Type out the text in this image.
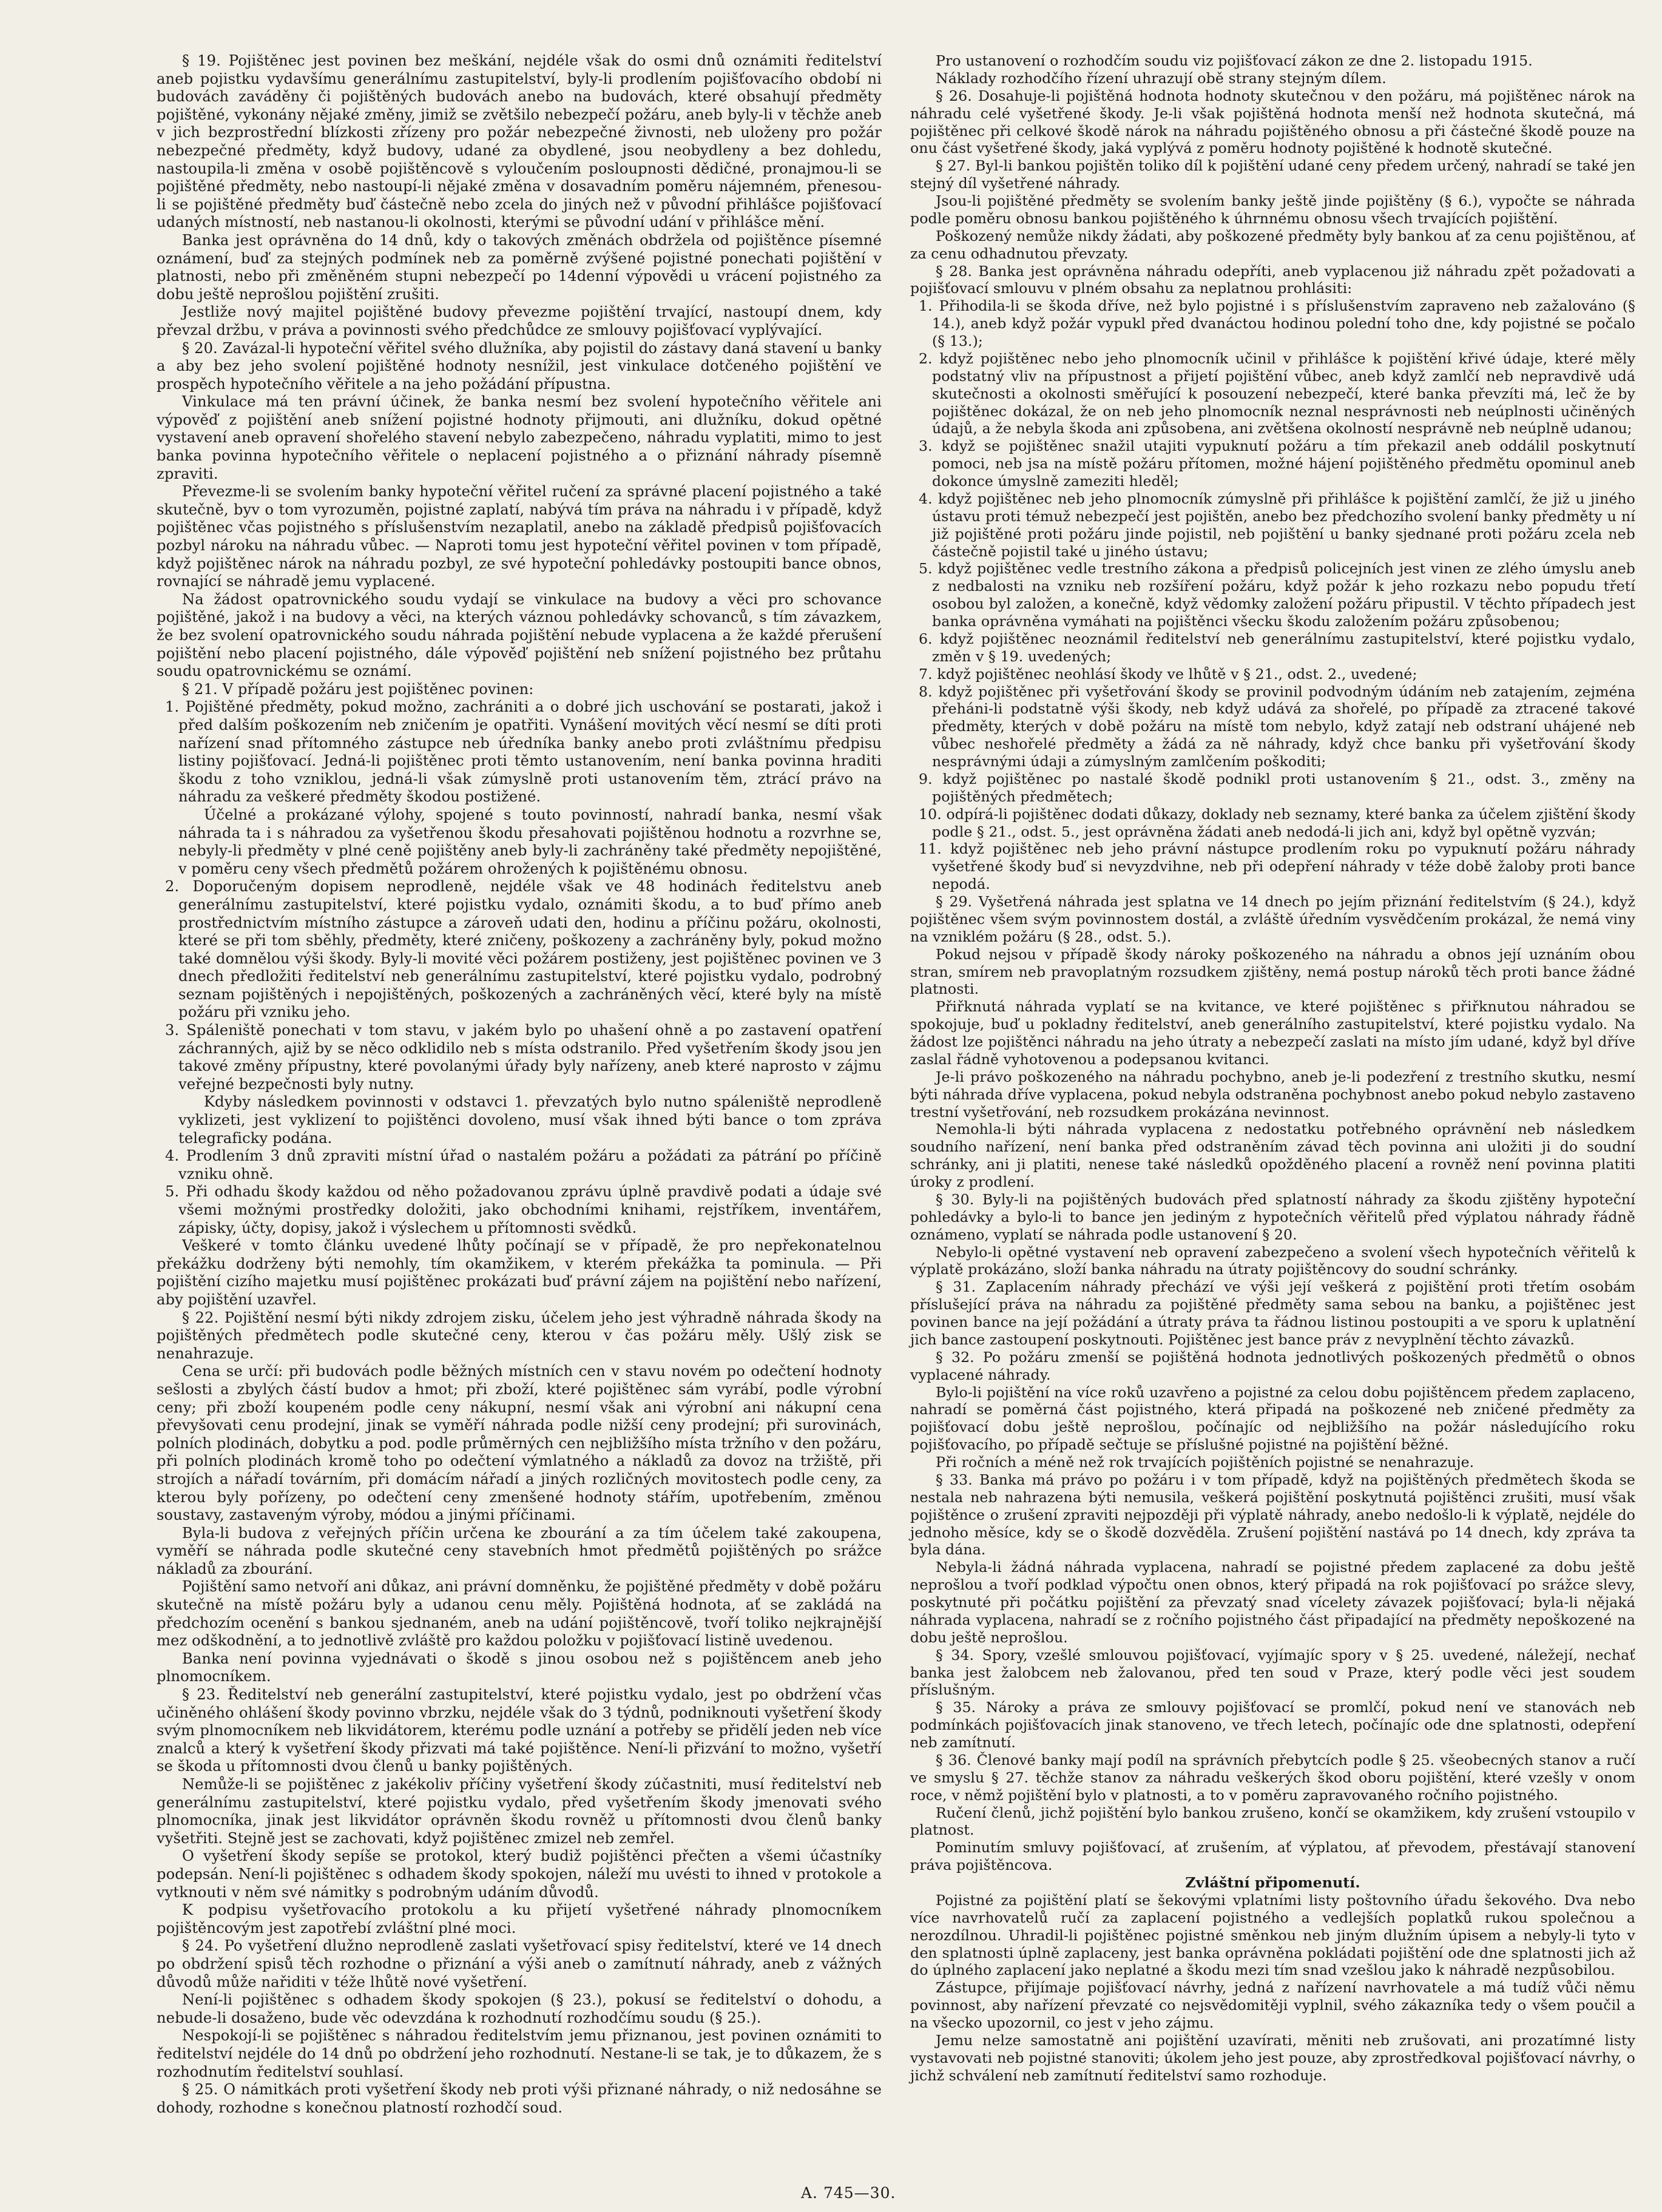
§ 19. Pojištěnec jest povinen bez meškání, nejdéle však do osmi dnů oznámiti ředitelství aneb pojistku vydavšímu generálnímu zastupitelství, byly-li prodlením pojišťovacího období ni budovách zaváděny či pojištěných budovách anebo na budovách, které obsahují předměty pojištěné, vykonány nějaké změny, jimiž se zvětšilo nebezpečí požáru, aneb byly-li v těchže aneb v jich bezprostřední blízkosti zřízeny pro požár nebezpečné živnosti, neb uloženy pro požár nebezpečné předměty, když budovy, udané za obydlené, jsou neobydleny a bez dohledu, nastoupila-li změna v osobě pojištěncově s vyloučením posloupnosti dědičné, pronajmou-li se pojištěné předměty, nebo nastoupí-li nějaké změna v dosavadním poměru nájemném, přenesou-li se pojištěné předměty buď částečně nebo zcela do jiných než v původní přihlášce pojišťovací udaných místností, neb nastanou-li okolnosti, kterými se původní udání v přihlášce mění.

Banka jest oprávněna do 14 dnů, kdy o takových změnách obdržela od pojištěnce písemné oznámení, buď za stejných podmínek neb za poměrně zvýšené pojistné ponechati pojištění v platnosti, nebo při změněném stupni nebezpečí po 14denní výpovědi u vrácení pojistného za dobu ještě neprošlou pojištění zrušiti.

Jestliže nový majitel pojištěné budovy převezme pojištění trvající, nastoupí dnem, kdy převzal držbu, v práva a povinnosti svého předchůdce ze smlouvy pojišťovací vyplývající.

§ 20. Zavázal-li hypoteční věřitel svého dlužníka, aby pojistil do zástavy daná stavení u banky a aby bez jeho svolení pojištěné hodnoty nesnížil, jest vinkulace dotčeného pojištění ve prospěch hypotečního věřitele a na jeho požádání přípustna.

Vinkulace má ten právní účinek, že banka nesmí bez svolení hypotečního věřitele ani výpověď z pojištění aneb snížení pojistné hodnoty přijmouti, ani dlužníku, dokud opětné vystavení aneb opravení shořelého stavení nebylo zabezpečeno, náhradu vyplatiti, mimo to jest banka povinna hypotečního věřitele o neplacení pojistného a o přiznání náhrady písemně zpraviti.

Převezme-li se svolením banky hypoteční věřitel ručení za správné placení pojistného a také skutečně, byv o tom vyrozuměn, pojistné zaplatí, nabývá tím práva na náhradu i v případě, když pojištěnec včas pojistného s příslušenstvím nezaplatil, anebo na základě předpisů pojišťovacích pozbyl nároku na náhradu vůbec. — Naproti tomu jest hypoteční věřitel povinen v tom případě, když pojištěnec nárok na náhradu pozbyl, ze své hypoteční pohledávky postoupiti bance obnos, rovnající se náhradě jemu vyplacené.

Na žádost opatrovnického soudu vydají se vinkulace na budovy a věci pro schovance pojištěné, jakož i na budovy a věci, na kterých váznou pohledávky schovanců, s tím závazkem, že bez svolení opatrovnického soudu náhrada pojištění nebude vyplacena a že každé přerušení pojištění nebo placení pojistného, dále výpověď pojištění neb snížení pojistného bez průtahu soudu opatrovnickému se oznámí.

§ 21. V případě požáru jest pojištěnec povinen:

1. Pojištěné předměty, pokud možno, zachrániti a o dobré jich uschování se postarati, jakož i před dalším poškozením neb zničením je opatřiti. Vynášení movitých věcí nesmí se díti proti nařízení snad přítomného zástupce neb úředníka banky anebo proti zvláštnímu předpisu listiny pojišťovací. Jedná-li pojištěnec proti těmto ustanovením, není banka povinna hraditi škodu z toho vzniklou, jedná-li však zúmyslně proti ustanovením těm, ztrácí právo na náhradu za veškeré předměty škodou postižené.

Účelné a prokázané výlohy, spojené s touto povinností, nahradí banka, nesmí však náhrada ta i s náhradou za vyšetřenou škodu přesahovati pojištěnou hodnotu a rozvrhne se, nebyly-li předměty v plné ceně pojištěny aneb byly-li zachráněny také předměty nepojištěné, v poměru ceny všech předmětů požárem ohrožených k pojištěnému obnosu.

2. Doporučeným dopisem neprodleně, nejdéle však ve 48 hodinách ředitelstvu aneb generálnímu zastupitelství, které pojistku vydalo, oznámiti škodu, a to buď přímo aneb prostřednictvím místního zástupce a zároveň udati den, hodinu a příčinu požáru, okolnosti, které se při tom sběhly, předměty, které zničeny, poškozeny a zachráněny byly, pokud možno také domnělou výši škody. Byly-li movité věci požárem postiženy, jest pojištěnec povinen ve 3 dnech předložiti ředitelství neb generálnímu zastupitelství, které pojistku vydalo, podrobný seznam pojištěných i nepojištěných, poškozených a zachráněných věcí, které byly na místě požáru při vzniku jeho.

3. Spáleniště ponechati v tom stavu, v jakém bylo po uhašení ohně a po zastavení opatření záchranných, ajiž by se něco odklidilo neb s místa odstranilo. Před vyšetřením škody jsou jen takové změny přípustny, které povolanými úřady byly nařízeny, aneb které naprosto v zájmu veřejné bezpečnosti byly nutny.

Kdyby následkem povinnosti v odstavci 1. převzatých bylo nutno spáleniště neprodleně vyklizeti, jest vyklizení to pojištěnci dovoleno, musí však ihned býti bance o tom zpráva telegraficky podána.

4. Prodlením 3 dnů zpraviti místní úřad o nastalém požáru a požádati za pátrání po příčině vzniku ohně.

5. Při odhadu škody každou od něho požadovanou zprávu úplně pravdivě podati a údaje své všemi možnými prostředky doložiti, jako obchodními knihami, rejstříkem, inventářem, zápisky, účty, dopisy, jakož i výslechem u přítomnosti svědků.

Veškeré v tomto článku uvedené lhůty počínají se v případě, že pro nepřekonatelnou překážku dodrženy býti nemohly, tím okamžikem, v kterém překážka ta pominula. — Při pojištění cizího majetku musí pojištěnec prokázati buď právní zájem na pojištění nebo nařízení, aby pojištění uzavřel.

§ 22. Pojištění nesmí býti nikdy zdrojem zisku, účelem jeho jest výhradně náhrada škody na pojištěných předmětech podle skutečné ceny, kterou v čas požáru měly. Ušlý zisk se nenahrazuje.

Cena se určí: při budovách podle běžných místních cen v stavu novém po odečtení hodnoty sešlosti a zbylých částí budov a hmot; při zboží, které pojištěnec sám vyrábí, podle výrobní ceny; při zboží koupeném podle ceny nákupní, nesmí však ani výrobní ani nákupní cena převyšovati cenu prodejní, jinak se vyměří náhrada podle nižší ceny prodejní; při surovinách, polních plodinách, dobytku a pod. podle průměrných cen nejbližšího místa tržního v den požáru, při polních plodinách kromě toho po odečtení výmlatného a nákladů za dovoz na tržiště, při strojích a nářadí továrním, při domácím nářadí a jiných rozličných movitostech podle ceny, za kterou byly pořízeny, po odečtení ceny zmenšené hodnoty stářím, upotřebením, změnou soustavy, zastaveným výroby, módou a jinými příčinami.

Byla-li budova z veřejných příčin určena ke zbourání a za tím účelem také zakoupena, vyměří se náhrada podle skutečné ceny stavebních hmot předmětů pojištěných po srážce nákladů za zbourání.

Pojištění samo netvoří ani důkaz, ani právní domněnku, že pojištěné předměty v době požáru skutečně na místě požáru byly a udanou cenu měly. Pojištěná hodnota, ať se zakládá na předchozím ocenění s bankou sjednaném, aneb na udání pojištěncově, tvoří toliko nejkrajnější mez odškodnění, a to jednotlivě zvláště pro každou položku v pojišťovací listině uvedenou.

Banka není povinna vyjednávati o škodě s jinou osobou než s pojištěncem aneb jeho plnomocníkem.

§ 23. Ředitelství neb generální zastupitelství, které pojistku vydalo, jest po obdržení včas učiněného ohlášení škody povinno vbrzku, nejdéle však do 3 týdnů, podniknouti vyšetření škody svým plnomocníkem neb likvidátorem, kterému podle uznání a potřeby se přidělí jeden neb více znalců a který k vyšetření škody přizvati má také pojištěnce. Není-li přizvání to možno, vyšetří se škoda u přítomnosti dvou členů u banky pojištěných.

Nemůže-li se pojištěnec z jakékoliv příčiny vyšetření škody zúčastniti, musí ředitelství neb generálnímu zastupitelství, které pojistku vydalo, před vyšetřením škody jmenovati svého plnomocníka, jinak jest likvidátor oprávněn škodu rovněž u přítomnosti dvou členů banky vyšetřiti. Stejně jest se zachovati, když pojištěnec zmizel neb zemřel.

O vyšetření škody sepíše se protokol, který budiž pojištěnci přečten a všemi účastníky podepsán. Není-li pojištěnec s odhadem škody spokojen, náleží mu uvésti to ihned v protokole a vytknouti v něm své námitky s podrobným udáním důvodů.

K podpisu vyšetřovacího protokolu a ku přijetí vyšetřené náhrady plnomocníkem pojištěncovým jest zapotřebí zvláštní plné moci.

§ 24. Po vyšetření dlužno neprodleně zaslati vyšetřovací spisy ředitelství, které ve 14 dnech po obdržení spisů těch rozhodne o přiznání a výši aneb o zamítnutí náhrady, aneb z vážných důvodů může nařiditi v téže lhůtě nové vyšetření.

Není-li pojištěnec s odhadem škody spokojen (§ 23.), pokusí se ředitelství o dohodu, a nebude-li dosaženo, bude věc odevzdána k rozhodnutí rozhodčímu soudu (§ 25.).

Nespokojí-li se pojištěnec s náhradou ředitelstvím jemu přiznanou, jest povinen oznámiti to ředitelství nejdéle do 14 dnů po obdržení jeho rozhodnutí. Nestane-li se tak, je to důkazem, že s rozhodnutím ředitelství souhlasí.

§ 25. O námitkách proti vyšetření škody neb proti výši přiznané náhrady, o niž nedosáhne se dohody, rozhodne s konečnou platností rozhodčí soud.

Pro ustanovení o rozhodčím soudu viz pojišťovací zákon ze dne 2. listopadu 1915.

Náklady rozhodčího řízení uhrazují obě strany stejným dílem.

§ 26. Dosahuje-li pojištěná hodnota hodnoty skutečnou v den požáru, má pojištěnec nárok na náhradu celé vyšetřené škody. Je-li však pojištěná hodnota menší než hodnota skutečná, má pojištěnec při celkové škodě nárok na náhradu pojištěného obnosu a při částečné škodě pouze na onu část vyšetřené škody, jaká vyplývá z poměru hodnoty pojištěné k hodnotě skutečné.

§ 27. Byl-li bankou pojištěn toliko díl k pojištění udané ceny předem určený, nahradí se také jen stejný díl vyšetřené náhrady.

Jsou-li pojištěné předměty se svolením banky ještě jinde pojištěny (§ 6.), vypočte se náhrada podle poměru obnosu bankou pojištěného k úhrnnému obnosu všech trvajících pojištění.

Poškozený nemůže nikdy žádati, aby poškozené předměty byly bankou ať za cenu pojištěnou, ať za cenu odhadnutou převzaty.

§ 28. Banka jest oprávněna náhradu odepříti, aneb vyplacenou již náhradu zpět požadovati a pojišťovací smlouvu v plném obsahu za neplatnou prohlásiti:

1. Přihodila-li se škoda dříve, než bylo pojistné i s příslušenstvím zapraveno neb zažalováno (§ 14.), aneb když požár vypukl před dvanáctou hodinou polední toho dne, kdy pojistné se počalo (§ 13.);

2. když pojištěnec nebo jeho plnomocník učinil v přihlášce k pojištění křivé údaje, které měly podstatný vliv na přípustnost a přijetí pojištění vůbec, aneb když zamlčí neb nepravdivě udá skutečnosti a okolnosti směřující k posouzení nebezpečí, které banka převzíti má, leč že by pojištěnec dokázal, že on neb jeho plnomocník neznal nesprávnosti neb neúplnosti učiněných údajů, a že nebyla škoda ani způsobena, ani zvětšena okolností nesprávně neb neúplně udanou;

3. když se pojištěnec snažil utajiti vypuknutí požáru a tím překazil aneb oddálil poskytnutí pomoci, neb jsa na místě požáru přítomen, možné hájení pojištěného předmětu opominul aneb dokonce úmyslně zameziti hleděl;

4. když pojištěnec neb jeho plnomocník zúmyslně při přihlášce k pojištění zamlčí, že již u jiného ústavu proti témuž nebezpečí jest pojištěn, anebo bez předchozího svolení banky předměty u ní již pojištěné proti požáru jinde pojistil, neb pojištění u banky sjednané proti požáru zcela neb částečně pojistil také u jiného ústavu;

5. když pojištěnec vedle trestního zákona a předpisů policejních jest vinen ze zlého úmyslu aneb z nedbalosti na vzniku neb rozšíření požáru, když požár k jeho rozkazu nebo popudu třetí osobou byl založen, a konečně, když vědomky založení požáru připustil. V těchto případech jest banka oprávněna vymáhati na pojištěnci všecku škodu založením požáru způsobenou;

6. když pojištěnec neoznámil ředitelství neb generálnímu zastupitelství, které pojistku vydalo, změn v § 19. uvedených;

7. když pojištěnec neohlásí škody ve lhůtě v § 21., odst. 2., uvedené;

8. když pojištěnec při vyšetřování škody se provinil podvodným údáním neb zatajením, zejména přeháni-li podstatně výši škody, neb když udává za shořelé, po případě za ztracené takové předměty, kterých v době požáru na místě tom nebylo, když zatají neb odstraní uhájené neb vůbec neshořelé předměty a žádá za ně náhrady, když chce banku při vyšetřování škody nesprávnými údaji a zúmyslným zamlčením poškoditi;

9. když pojištěnec po nastalé škodě podnikl proti ustanovením § 21., odst. 3., změny na pojištěných předmětech;

10. odpírá-li pojištěnec dodati důkazy, doklady neb seznamy, které banka za účelem zjištění škody podle § 21., odst. 5., jest oprávněna žádati aneb nedodá-li jich ani, když byl opětně vyzván;

11. když pojištěnec neb jeho právní nástupce prodlením roku po vypuknutí požáru náhrady vyšetřené škody buď si nevyzdvihne, neb při odepření náhrady v téže době žaloby proti bance nepodá.

§ 29. Vyšetřená náhrada jest splatna ve 14 dnech po jejím přiznání ředitelstvím (§ 24.), když pojištěnec všem svým povinnostem dostál, a zvláště úředním vysvědčením prokázal, že nemá viny na vzniklém požáru (§ 28., odst. 5.).

Pokud nejsou v případě škody nároky poškozeného na náhradu a obnos její uznáním obou stran, smírem neb pravoplatným rozsudkem zjištěny, nemá postup nároků těch proti bance žádné platnosti.

Přiřknutá náhrada vyplatí se na kvitance, ve které pojištěnec s přiřknutou náhradou se spokojuje, buď u pokladny ředitelství, aneb generálního zastupitelství, které pojistku vydalo. Na žádost lze pojištěnci náhradu na jeho útraty a nebezpečí zaslati na místo jím udané, když byl dříve zaslal řádně vyhotovenou a podepsanou kvitanci.

Je-li právo poškozeného na náhradu pochybno, aneb je-li podezření z trestního skutku, nesmí býti náhrada dříve vyplacena, pokud nebyla odstraněna pochybnost anebo pokud nebylo zastaveno trestní vyšetřování, neb rozsudkem prokázána nevinnost.

Nemohla-li býti náhrada vyplacena z nedostatku potřebného oprávnění neb následkem soudního nařízení, není banka před odstraněním závad těch povinna ani uložiti ji do soudní schránky, ani ji platiti, nenese také následků opožděného placení a rovněž není povinna platiti úroky z prodlení.

§ 30. Byly-li na pojištěných budovách před splatností náhrady za škodu zjištěny hypoteční pohledávky a bylo-li to bance jen jediným z hypotečních věřitelů před výplatou náhrady řádně oznámeno, vyplatí se náhrada podle ustanovení § 20.

Nebylo-li opětné vystavení neb opravení zabezpečeno a svolení všech hypotečních věřitelů k výplatě prokázáno, složí banka náhradu na útraty pojištěncovy do soudní schránky.

§ 31. Zaplacením náhrady přechází ve výši její veškerá z pojištění proti třetím osobám příslušející práva na náhradu za pojištěné předměty sama sebou na banku, a pojištěnec jest povinen bance na její požádání a útraty práva ta řádnou listinou postoupiti a ve sporu k uplatnění jich bance zastoupení poskytnouti. Pojištěnec jest bance práv z nevyplnění těchto závazků.

§ 32. Po požáru zmenší se pojištěná hodnota jednotlivých poškozených předmětů o obnos vyplacené náhrady.

Bylo-li pojištění na více roků uzavřeno a pojistné za celou dobu pojištěncem předem zaplaceno, nahradí se poměrná část pojistného, která připadá na poškozené neb zničené předměty za pojišťovací dobu ještě neprošlou, počínajíc od nejbližšího na požár následujícího roku pojišťovacího, po případě sečtuje se příslušné pojistné na pojištění běžné.

Při ročních a méně než rok trvajících pojištěních pojistné se nenahrazuje.

§ 33. Banka má právo po požáru i v tom případě, když na pojištěných předmětech škoda se nestala neb nahrazena býti nemusila, veškerá pojištění poskytnutá pojištěnci zrušiti, musí však pojištěnce o zrušení zpraviti nejpozději při výplatě náhrady, anebo nedošlo-li k výplatě, nejdéle do jednoho měsíce, kdy se o škodě dozvěděla. Zrušení pojištění nastává po 14 dnech, kdy zpráva ta byla dána.

Nebyla-li žádná náhrada vyplacena, nahradí se pojistné předem zaplacené za dobu ještě neprošlou a tvoří podklad výpočtu onen obnos, který připadá na rok pojišťovací po srážce slevy, poskytnuté při počátku pojištění za převzatý snad vícelety závazek pojišťovací; byla-li nějaká náhrada vyplacena, nahradí se z ročního pojistného část připadající na předměty nepoškozené na dobu ještě neprošlou.

§ 34. Spory, vzešlé smlouvou pojišťovací, vyjímajíc spory v § 25. uvedené, náležejí, nechať banka jest žalobcem neb žalovanou, před ten soud v Praze, který podle věci jest soudem příslušným.

§ 35. Nároky a práva ze smlouvy pojišťovací se promlčí, pokud není ve stanovách neb podmínkách pojišťovacích jinak stanoveno, ve třech letech, počínajíc ode dne splatnosti, odepření neb zamítnutí.

§ 36. Členové banky mají podíl na správních přebytcích podle § 25. všeobecných stanov a ručí ve smyslu § 27. těchže stanov za náhradu veškerých škod oboru pojištění, které vzešly v onom roce, v němž pojištění bylo v platnosti, a to v poměru zapravovaného ročního pojistného.

Ručení členů, jichž pojištění bylo bankou zrušeno, končí se okamžikem, kdy zrušení vstoupilo v platnost.

Pominutím smluvy pojišťovací, ať zrušením, ať výplatou, ať převodem, přestávají stanovení práva pojištěncova.

Zvláštní připomenutí.

Pojistné za pojištění platí se šekovými vplatními listy poštovního úřadu šekového. Dva nebo více navrhovatelů ručí za zaplacení pojistného a vedlejších poplatků rukou společnou a nerozdílnou. Uhradil-li pojištěnec pojistné směnkou neb jiným dlužním úpisem a nebyly-li tyto v den splatnosti úplně zaplaceny, jest banka oprávněna pokládati pojištění ode dne splatnosti jich až do úplného zaplacení jako neplatné a škodu mezi tím snad vzešlou jako k náhradě nezpůsobilou.

Zástupce, přijímaje pojišťovací návrhy, jedná z nařízení navrhovatele a má tudíž vůči němu povinnost, aby nařízení převzaté co nejsvědomitěji vyplnil, svého zákazníka tedy o všem poučil a na všecko upozornil, co jest v jeho zájmu.

Jemu nelze samostatně ani pojištění uzavírati, měniti neb zrušovati, ani prozatímné listy vystavovati neb pojistné stanoviti; úkolem jeho jest pouze, aby zprostředkoval pojišťovací návrhy, o jichž schválení neb zamítnutí ředitelství samo rozhoduje.

A. 745—30.
